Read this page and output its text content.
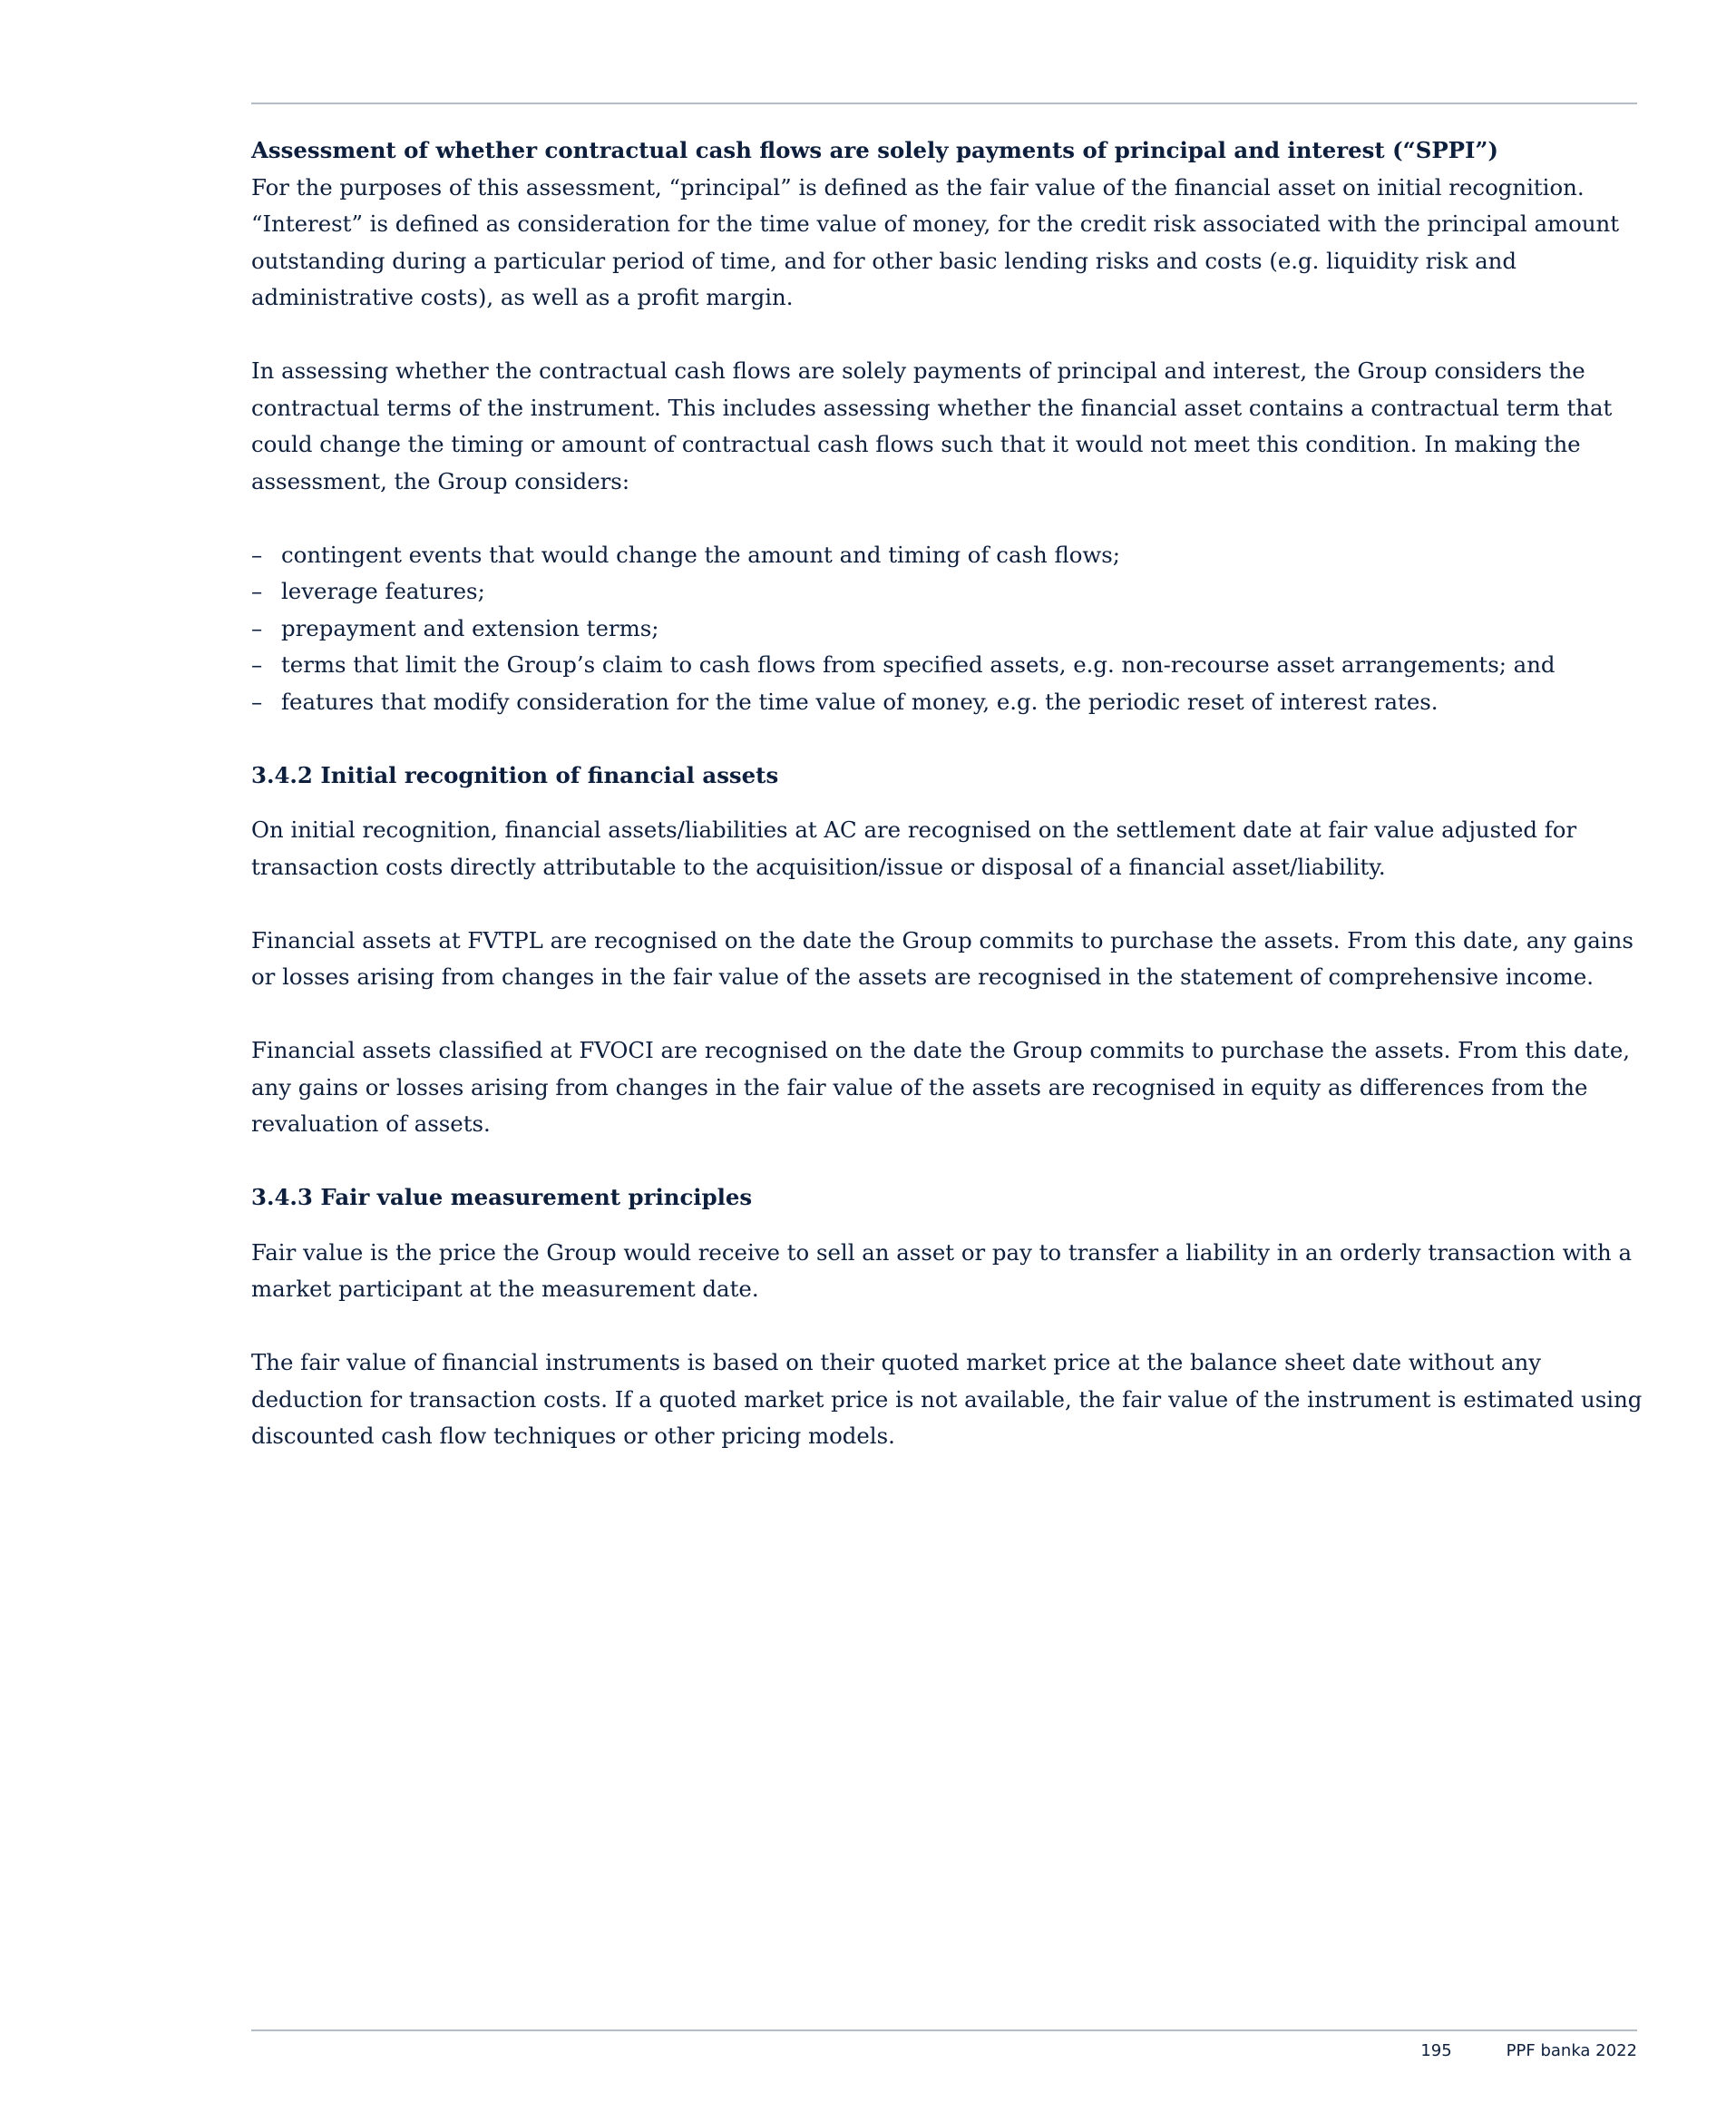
Assessment of whether contractual cash flows are solely payments of principal and interest (“SPPI”)

For the purposes of this assessment, “principal” is defined as the fair value of the financial asset on initial recognition. “Interest” is defined as consideration for the time value of money, for the credit risk associated with the principal amount outstanding during a particular period of time, and for other basic lending risks and costs (e.g. liquidity risk and administrative costs), as well as a profit margin.

In assessing whether the contractual cash flows are solely payments of principal and interest, the Group considers the contractual terms of the instrument. This includes assessing whether the financial asset contains a contractual term that could change the timing or amount of contractual cash flows such that it would not meet this condition. In making the assessment, the Group considers:

– contingent events that would change the amount and timing of cash flows;
– leverage features;
– prepayment and extension terms;
– terms that limit the Group’s claim to cash flows from specified assets, e.g. non-recourse asset arrangements; and
– features that modify consideration for the time value of money, e.g. the periodic reset of interest rates.

3.4.2 Initial recognition of financial assets

On initial recognition, financial assets/liabilities at AC are recognised on the settlement date at fair value adjusted for transaction costs directly attributable to the acquisition/issue or disposal of a financial asset/liability.

Financial assets at FVTPL are recognised on the date the Group commits to purchase the assets. From this date, any gains or losses arising from changes in the fair value of the assets are recognised in the statement of comprehensive income.

Financial assets classified at FVOCI are recognised on the date the Group commits to purchase the assets. From this date, any gains or losses arising from changes in the fair value of the assets are recognised in equity as differences from the revaluation of assets.

3.4.3 Fair value measurement principles

Fair value is the price the Group would receive to sell an asset or pay to transfer a liability in an orderly transaction with a market participant at the measurement date.

The fair value of financial instruments is based on their quoted market price at the balance sheet date without any deduction for transaction costs. If a quoted market price is not available, the fair value of the instrument is estimated using discounted cash flow techniques or other pricing models.

195	PPF banka 2022
